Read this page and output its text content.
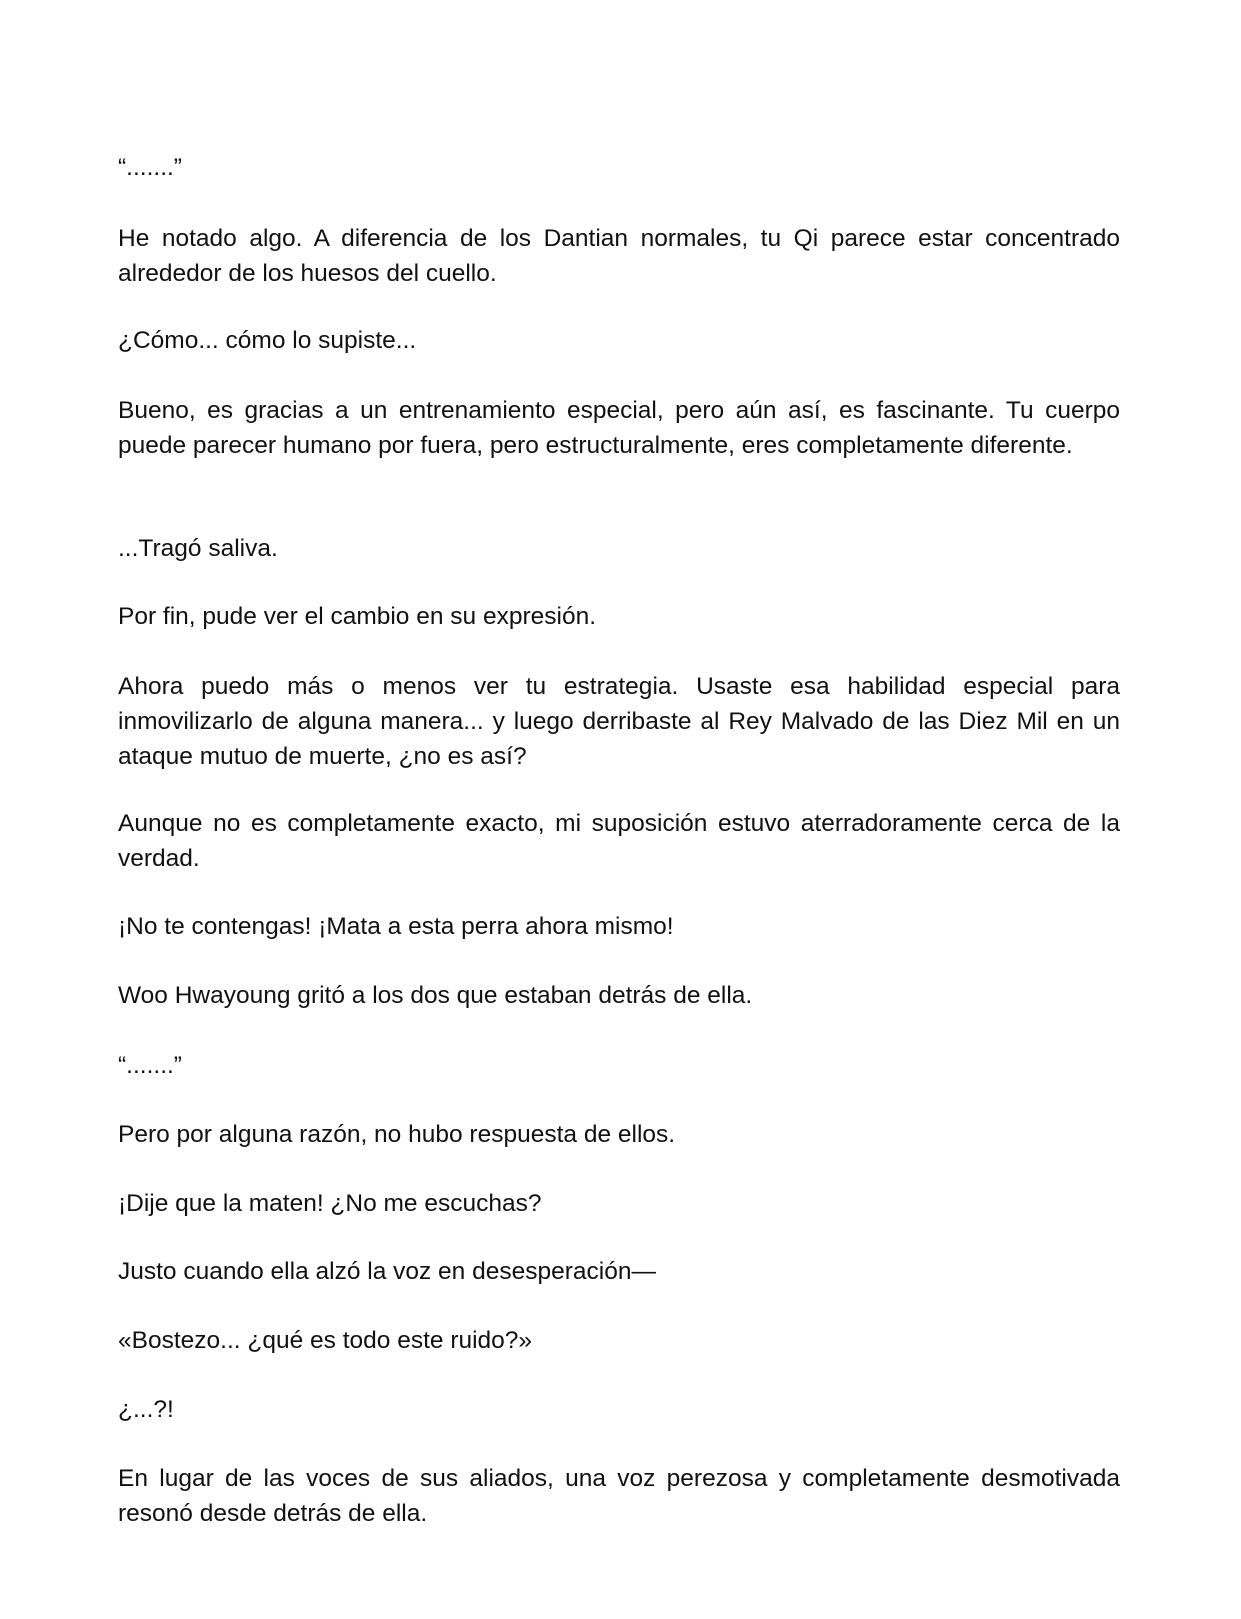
“.......”

He notado algo. A diferencia de los Dantian normales, tu Qi parece estar concentrado alrededor de los huesos del cuello.

¿Cómo... cómo lo supiste...

Bueno, es gracias a un entrenamiento especial, pero aún así, es fascinante. Tu cuerpo puede parecer humano por fuera, pero estructuralmente, eres completamente diferente.

...Tragó saliva.

Por fin, pude ver el cambio en su expresión.

Ahora puedo más o menos ver tu estrategia. Usaste esa habilidad especial para inmovilizarlo de alguna manera... y luego derribaste al Rey Malvado de las Diez Mil en un ataque mutuo de muerte, ¿no es así?

Aunque no es completamente exacto, mi suposición estuvo aterradoramente cerca de la verdad.

¡No te contengas! ¡Mata a esta perra ahora mismo!

Woo Hwayoung gritó a los dos que estaban detrás de ella.

“.......”

Pero por alguna razón, no hubo respuesta de ellos.

¡Dije que la maten! ¿No me escuchas?

Justo cuando ella alzó la voz en desesperación—

«Bostezo... ¿qué es todo este ruido?»

¿...?!

En lugar de las voces de sus aliados, una voz perezosa y completamente desmotivada resonó desde detrás de ella.
